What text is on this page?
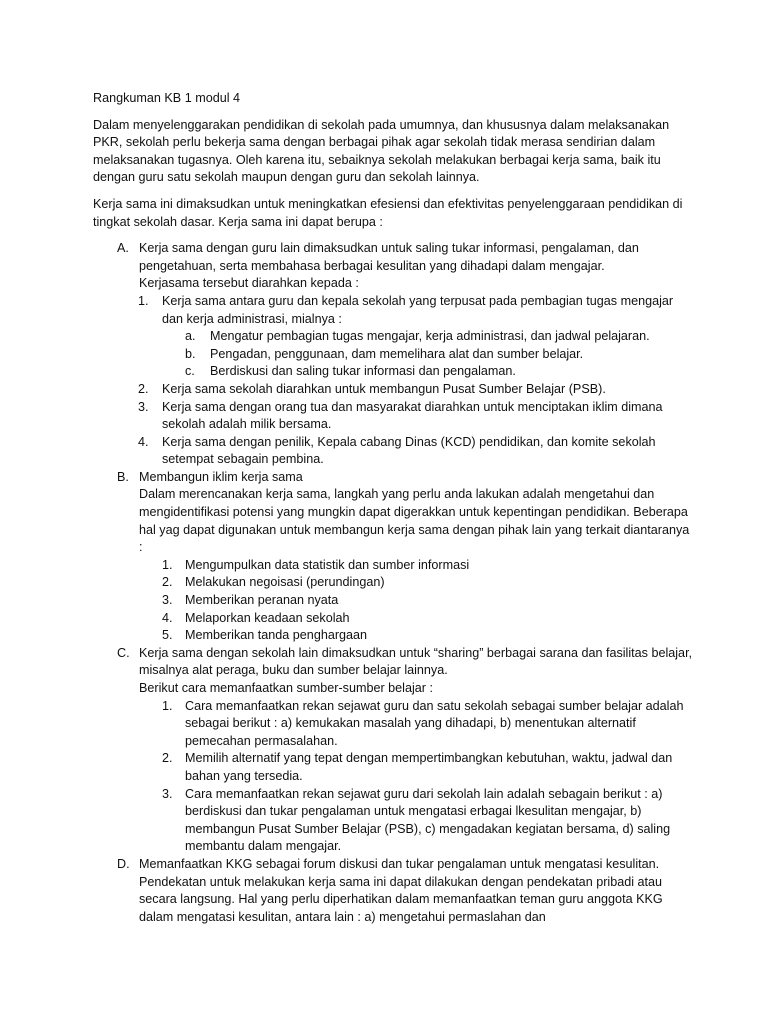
Rangkuman KB 1 modul 4

Dalam menyelenggarakan pendidikan di sekolah pada umumnya, dan khususnya dalam melaksanakan PKR, sekolah perlu bekerja sama dengan berbagai pihak agar sekolah tidak merasa sendirian dalam melaksanakan tugasnya. Oleh karena itu, sebaiknya sekolah melakukan berbagai kerja sama, baik itu dengan guru satu sekolah maupun dengan guru dan sekolah lainnya.

Kerja sama ini dimaksudkan untuk meningkatkan efesiensi dan efektivitas penyelenggaraan pendidikan di tingkat sekolah dasar. Kerja sama ini dapat berupa :

A. Kerja sama dengan guru lain dimaksudkan untuk saling tukar informasi, pengalaman, dan pengetahuan, serta membahasa berbagai kesulitan yang dihadapi dalam mengajar.

Kerjasama tersebut diarahkan kepada :

1. Kerja sama antara guru dan kepala sekolah yang terpusat pada pembagian tugas mengajar dan kerja administrasi, mialnya :

a. Mengatur pembagian tugas mengajar, kerja administrasi, dan jadwal pelajaran.

b. Pengadan, penggunaan, dam memelihara alat dan sumber belajar.

c. Berdiskusi dan saling tukar informasi dan pengalaman.

2. Kerja sama sekolah diarahkan untuk membangun Pusat Sumber Belajar (PSB).

3. Kerja sama dengan orang tua dan masyarakat diarahkan untuk menciptakan iklim dimana sekolah adalah milik bersama.

4. Kerja sama dengan penilik, Kepala cabang Dinas (KCD) pendidikan, dan komite sekolah setempat sebagain pembina.

B. Membangun iklim kerja sama

Dalam merencanakan kerja sama, langkah yang perlu anda lakukan adalah mengetahui dan mengidentifikasi potensi yang mungkin dapat digerakkan untuk kepentingan pendidikan. Beberapa hal yag dapat digunakan untuk membangun kerja sama dengan pihak lain yang terkait diantaranya :

1. Mengumpulkan data statistik dan sumber informasi

2. Melakukan negoisasi (perundingan)

3. Memberikan peranan nyata

4. Melaporkan keadaan sekolah

5. Memberikan tanda penghargaan

C. Kerja sama dengan sekolah lain dimaksudkan untuk “sharing” berbagai sarana dan fasilitas belajar, misalnya alat peraga, buku dan sumber belajar lainnya.

Berikut cara memanfaatkan sumber-sumber belajar :

1. Cara memanfaatkan rekan sejawat guru dan satu sekolah sebagai sumber belajar adalah sebagai berikut : a) kemukakan masalah yang dihadapi, b) menentukan alternatif pemecahan permasalahan.

2. Memilih alternatif yang tepat dengan mempertimbangkan kebutuhan, waktu, jadwal dan bahan yang tersedia.

3. Cara memanfaatkan rekan sejawat guru dari sekolah lain adalah sebagain berikut : a) berdiskusi dan tukar pengalaman untuk mengatasi erbagai lkesulitan mengajar, b) membangun Pusat Sumber Belajar (PSB), c) mengadakan kegiatan bersama, d) saling membantu dalam mengajar.

D. Memanfaatkan KKG sebagai forum diskusi dan tukar pengalaman untuk mengatasi kesulitan. Pendekatan untuk melakukan kerja sama ini dapat dilakukan dengan pendekatan pribadi atau secara langsung. Hal yang perlu diperhatikan dalam memanfaatkan teman guru anggota KKG dalam mengatasi kesulitan, antara lain : a) mengetahui permaslahan dan
